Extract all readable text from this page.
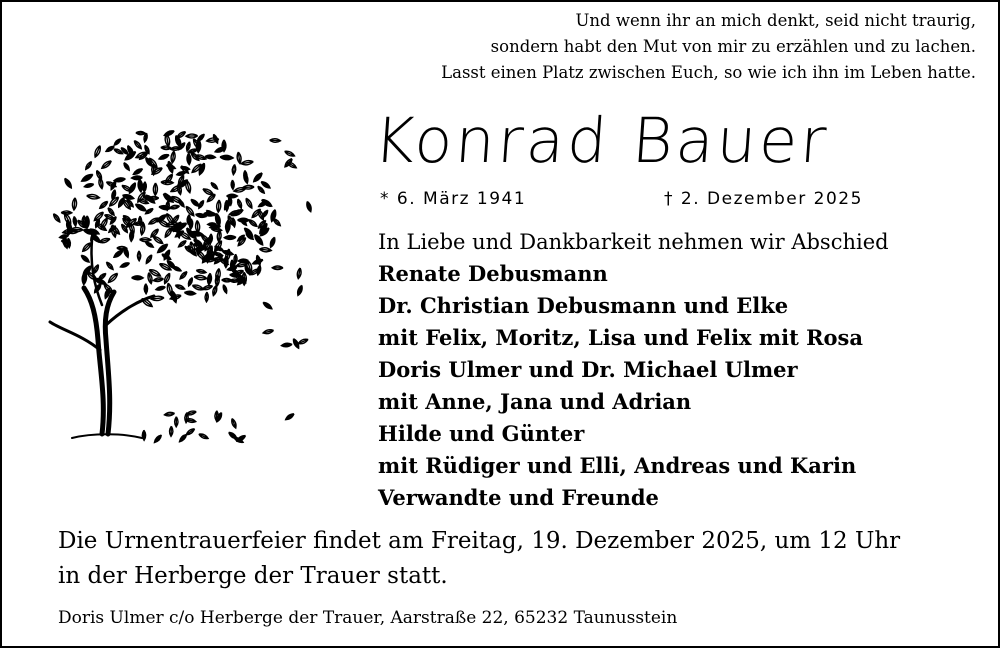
Und wenn ihr an mich denkt, seid nicht traurig,
sondern habt den Mut von mir zu erzählen und zu lachen.
Lasst einen Platz zwischen Euch, so wie ich ihn im Leben hatte.
Konrad Bauer
* 6. März 1941	† 2. Dezember 2025
In Liebe und Dankbarkeit nehmen wir Abschied
Renate Debusmann
Dr. Christian Debusmann und Elke
mit Felix, Moritz, Lisa und Felix mit Rosa
Doris Ulmer und Dr. Michael Ulmer
mit Anne, Jana und Adrian
Hilde und Günter
mit Rüdiger und Elli, Andreas und Karin
Verwandte und Freunde
Die Urnentrauerfeier findet am Freitag, 19. Dezember 2025, um 12 Uhr
in der Herberge der Trauer statt.
Doris Ulmer c/o Herberge der Trauer, Aarstraße 22, 65232 Taunusstein
